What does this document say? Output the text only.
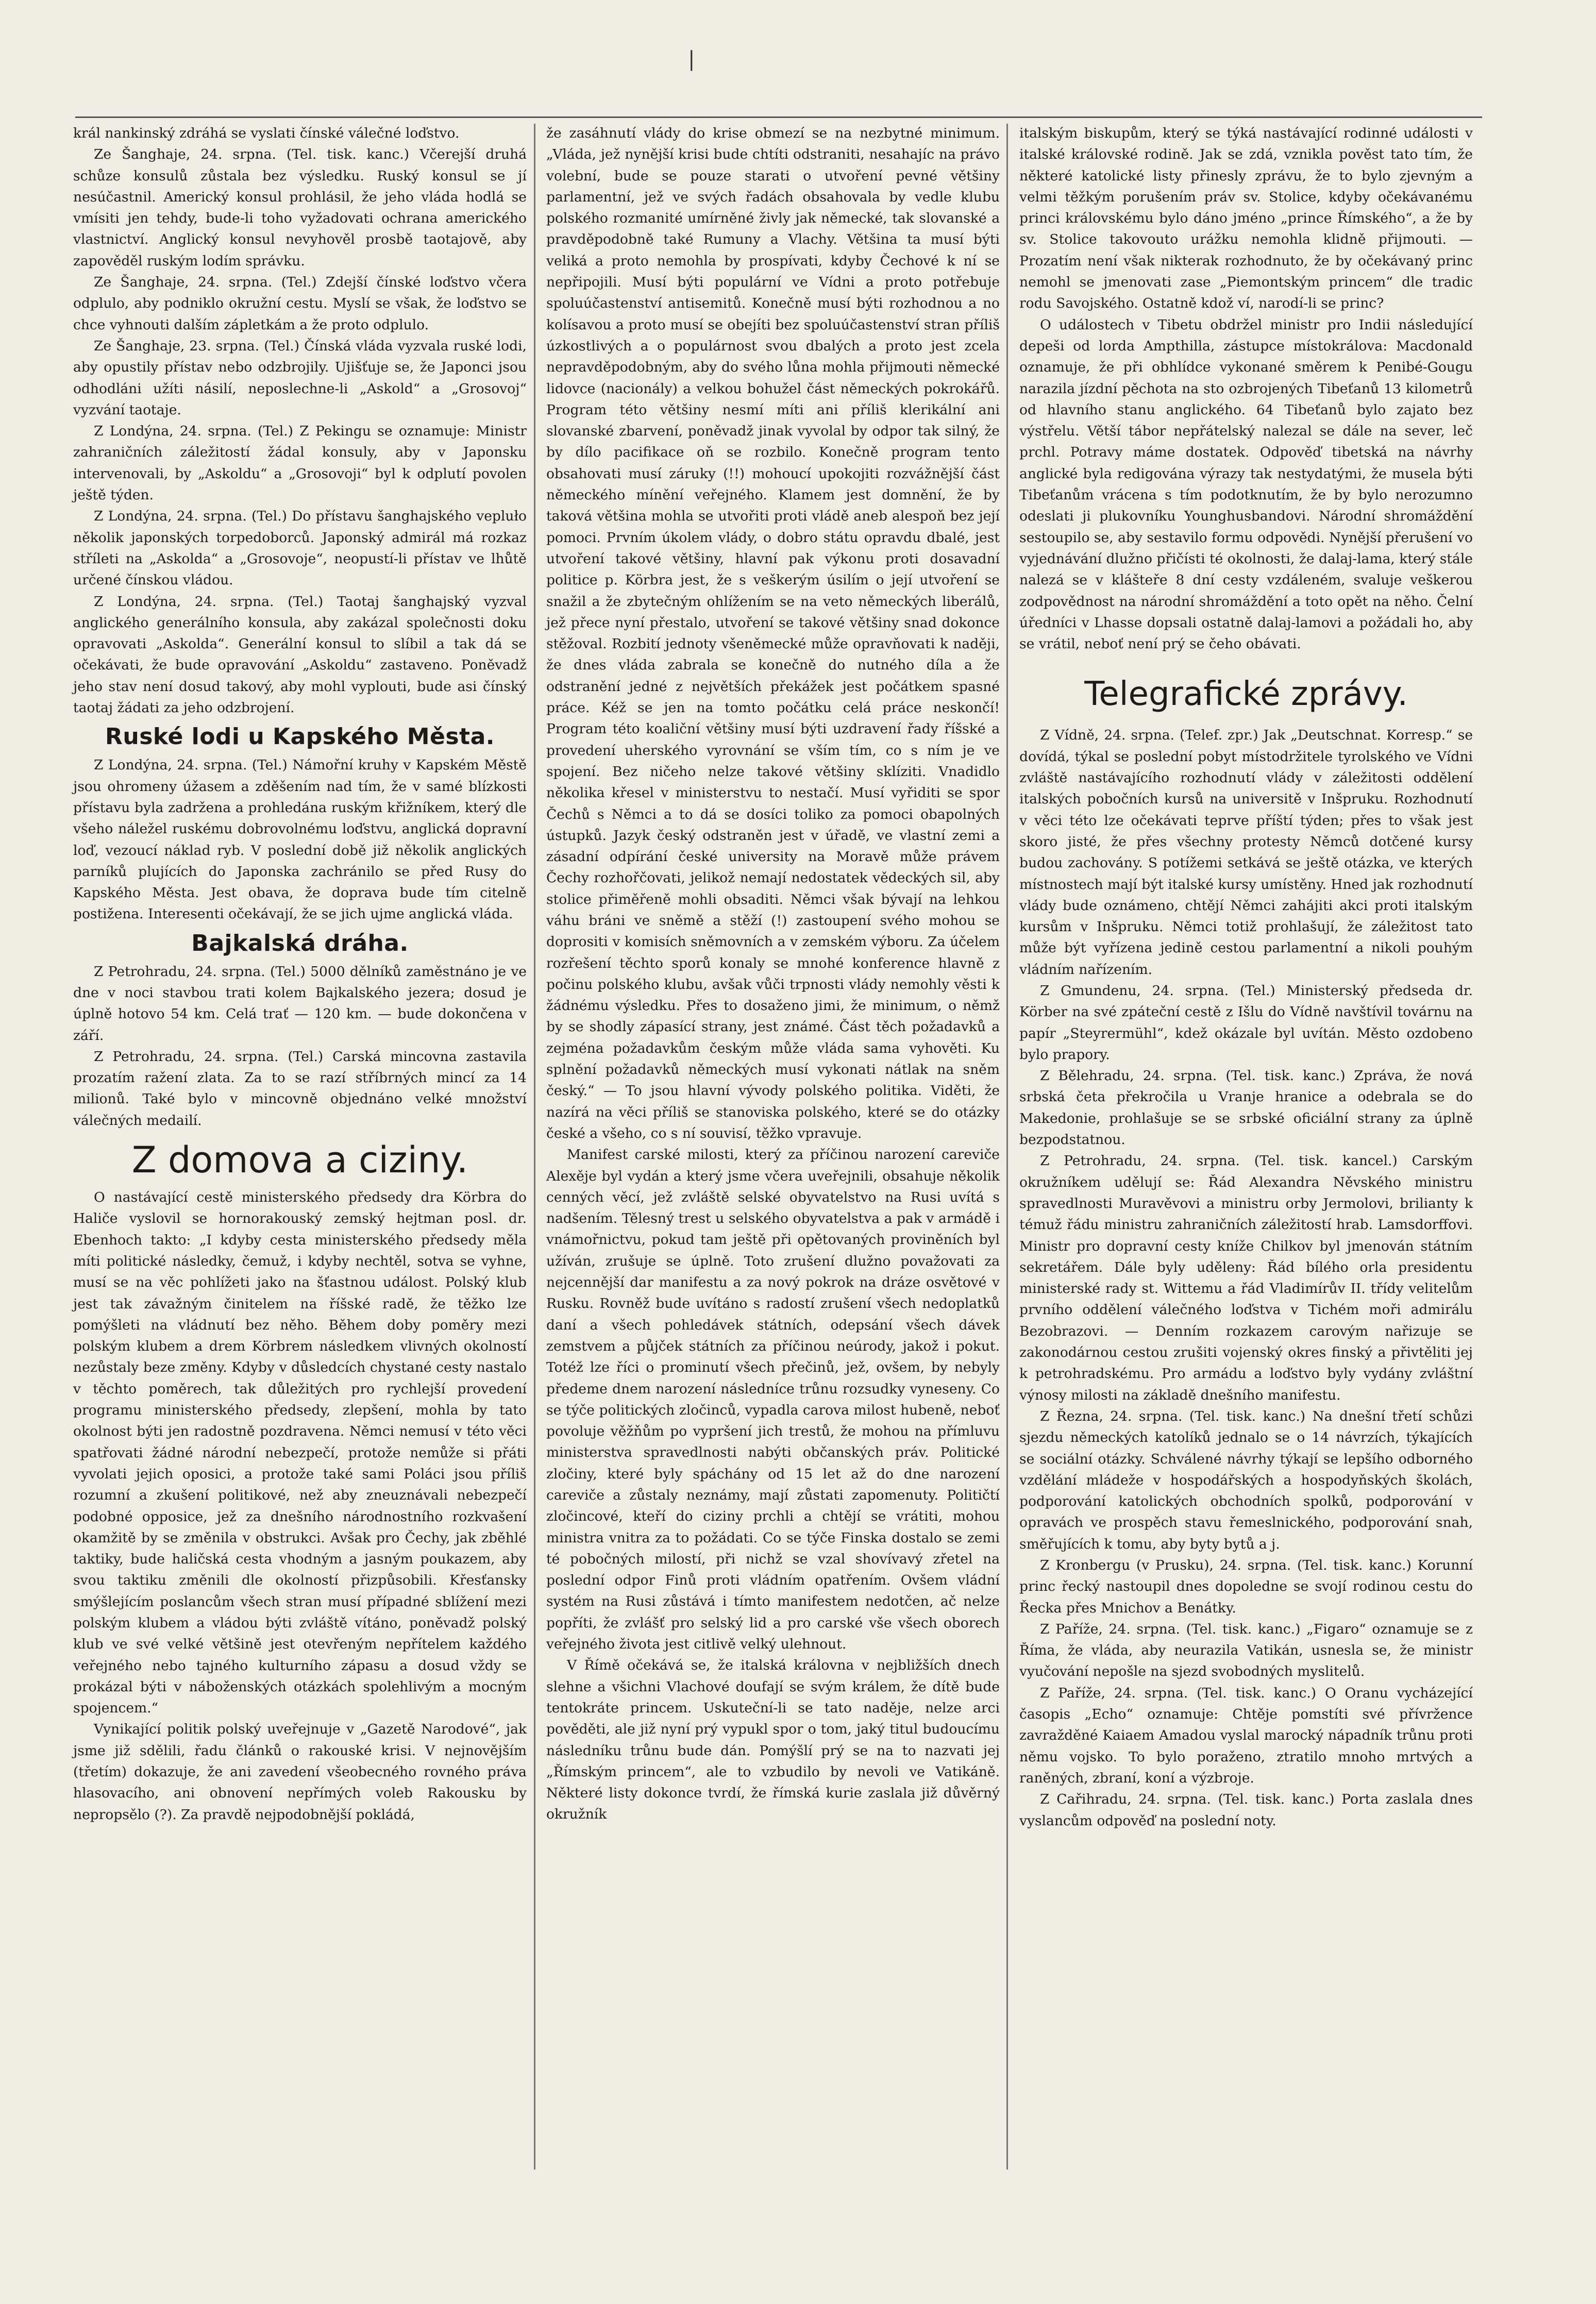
|

král nankinský zdráhá se vyslati čínské válečné loďstvo.

Ze Šanghaje, 24. srpna. (Tel. tisk. kanc.) Včerejší druhá schůze konsulů zůstala bez výsledku. Ruský konsul se jí nesúčastnil. Americký konsul prohlásil, že jeho vláda hodlá se vmísiti jen tehdy, bude-li toho vyžadovati ochrana amerického vlastnictví. Anglický konsul nevyhověl prosbě taotajově, aby zapověděl ruským lodím správku.

Ze Šanghaje, 24. srpna. (Tel.) Zdejší čínské loďstvo včera odplulo, aby podniklo okružní cestu. Myslí se však, že loďstvo se chce vyhnouti dalším zápletkám a že proto odplulo.

Ze Šanghaje, 23. srpna. (Tel.) Čínská vláda vyzvala ruské lodi, aby opustily přístav nebo odzbrojily. Ujišťuje se, že Japonci jsou odhodláni užíti násilí, neposlechne-li „Askold“ a „Grosovoj“ vyzvání taotaje.

Z Londýna, 24. srpna. (Tel.) Z Pekingu se oznamuje: Ministr zahraničních záležitostí žádal konsuly, aby v Japonsku intervenovali, by „Askoldu“ a „Grosovoji“ byl k odplutí povolen ještě týden.

Z Londýna, 24. srpna. (Tel.) Do přístavu šanghajského vepluło několik japonských torpedoborců. Japonský admirál má rozkaz stříleti na „Askolda“ a „Grosovoje“, neopustí-li přístav ve lhůtě určené čínskou vládou.

Z Londýna, 24. srpna. (Tel.) Taotaj šanghajský vyzval anglického generálního konsula, aby zakázal společnosti doku opravovati „Askolda“. Generální konsul to slíbil a tak dá se očekávati, že bude opravování „Askoldu“ zastaveno. Poněvadž jeho stav není dosud takový, aby mohl vyplouti, bude asi čínský taotaj žádati za jeho odzbrojení.

Ruské lodi u Kapského Města.

Z Londýna, 24. srpna. (Tel.) Námořní kruhy v Kapském Městě jsou ohromeny úžasem a zděšením nad tím, že v samé blízkosti přístavu byla zadržena a prohledána ruským křižníkem, který dle všeho náležel ruskému dobrovolnému loďstvu, anglická dopravní loď, vezoucí náklad ryb. V poslední době již několik anglických parníků plujících do Japonska zachránilo se před Rusy do Kapského Města. Jest obava, že doprava bude tím citelně postižena. Interesenti očekávají, že se jich ujme anglická vláda.

Bajkalská dráha.

Z Petrohradu, 24. srpna. (Tel.) 5000 dělníků zaměstnáno je ve dne v noci stavbou trati kolem Bajkalského jezera; dosud je úplně hotovo 54 km. Celá trať — 120 km. — bude dokončena v září.

Z Petrohradu, 24. srpna. (Tel.) Carská mincovna zastavila prozatím ražení zlata. Za to se razí stříbrných mincí za 14 milionů. Také bylo v mincovně objednáno velké množství válečných medailí.

Z domova a ciziny.

O nastávající cestě ministerského předsedy dra Körbra do Haliče vyslovil se hornorakouský zemský hejtman posl. dr. Ebenhoch takto: „I kdyby cesta ministerského předsedy měla míti politické následky, čemuž, i kdyby nechtěl, sotva se vyhne, musí se na věc pohlížeti jako na šťastnou událost. Polský klub jest tak závažným činitelem na říšské radě, že těžko lze pomýšleti na vládnutí bez něho. Během doby poměry mezi polským klubem a drem Körbrem následkem vlivných okolností nezůstaly beze změny. Kdyby v důsledcích chystané cesty nastalo v těchto poměrech, tak důležitých pro rychlejší provedení programu ministerského předsedy, zlepšení, mohla by tato okolnost býti jen radostně pozdravena. Němci nemusí v této věci spatřovati žádné národní nebezpečí, protože nemůže si přáti vyvolati jejich oposici, a protože také sami Poláci jsou příliš rozumní a zkušení politikové, než aby zneuznávali nebezpečí podobné opposice, jež za dnešního národnostního rozkvašení okamžitě by se změnila v obstrukci. Avšak pro Čechy, jak zběhlé taktiky, bude haličská cesta vhodným a jasným poukazem, aby svou taktiku změnili dle okolností přizpůsobili. Křesťansky smýšlejícím poslancům všech stran musí případné sblížení mezi polským klubem a vládou býti zvláště vítáno, poněvadž polský klub ve své velké většině jest otevřeným nepřítelem každého veřejného nebo tajného kulturního zápasu a dosud vždy se prokázal býti v náboženských otázkách spolehlivým a mocným spojencem.“

Vynikající politik polský uveřejnuje v „Gazetě Narodové“, jak jsme již sdělili, řadu článků o rakouské krisi. V nejnovějším (třetím) dokazuje, že ani zavedení všeobecného rovného práva hlasovacího, ani obnovení nepřímých voleb Rakousku by nepropsělo (?). Za pravdě nejpodobnější pokládá,

že zasáhnutí vlády do krise obmezí se na nezbytné minimum. „Vláda, jež nynější krisi bude chtíti odstraniti, nesahajíc na právo volební, bude se pouze starati o utvoření pevné většiny parlamentní, jež ve svých řadách obsahovala by vedle klubu polského rozmanité umírněné živly jak německé, tak slovanské a pravděpodobně také Rumuny a Vlachy. Většina ta musí býti veliká a proto nemohla by prospívati, kdyby Čechové k ní se nepřipojili. Musí býti populární ve Vídni a proto potřebuje spoluúčastenství antisemitů. Konečně musí býti rozhodnou a no kolísavou a proto musí se obejíti bez spoluúčastenství stran příliš úzkostlivých a o populárnost svou dbalých a proto jest zcela nepravděpodobným, aby do svého lůna mohla přijmouti německé lidovce (nacionály) a velkou bohužel část německých pokrokářů. Program této většiny nesmí míti ani příliš klerikální ani slovanské zbarvení, poněvadž jinak vyvolal by odpor tak silný, že by dílo pacifikace oň se rozbilo. Konečně program tento obsahovati musí záruky (!!) mohoucí upokojiti rozvážnější část německého mínění veřejného. Klamem jest domnění, že by taková většina mohla se utvořiti proti vládě aneb alespoň bez její pomoci. Prvním úkolem vlády, o dobro státu opravdu dbalé, jest utvoření takové většiny, hlavní pak výkonu proti dosavadní politice p. Körbra jest, že s veškerým úsilím o její utvoření se snažil a že zbytečným ohlížením se na veto německých liberálů, jež přece nyní přestalo, utvoření se takové většiny snad dokonce stěžoval. Rozbití jednoty všeněmecké může opravňovati k naději, že dnes vláda zabrala se konečně do nutného díla a že odstranění jedné z největších překážek jest počátkem spasné práce. Kéž se jen na tomto počátku celá práce neskončí! Program této koaliční většiny musí býti uzdravení řady říšské a provedení uherského vyrovnání se vším tím, co s ním je ve spojení. Bez ničeho nelze takové většiny sklíziti. Vnadidlo několika křesel v ministerstvu to nestačí. Musí vyřiditi se spor Čechů s Němci a to dá se dosíci toliko za pomoci obapolných ústupků. Jazyk český odstraněn jest v úřadě, ve vlastní zemi a zásadní odpírání české university na Moravě může právem Čechy rozhořčovati, jelikož nemají nedostatek vědeckých sil, aby stolice přiměřeně mohli obsaditi. Němci však bývají na lehkou váhu bráni ve sněmě a stěží (!) zastoupení svého mohou se doprositi v komisích sněmovních a v zemském výboru. Za účelem rozřešení těchto sporů konaly se mnohé konference hlavně z počinu polského klubu, avšak vůči trpnosti vlády nemohly věsti k žádnému výsledku. Přes to dosaženo jimi, že minimum, o němž by se shodly zápasící strany, jest známé. Část těch požadavků a zejména požadavkům českým může vláda sama vyhověti. Ku splnění požadavků německých musí vykonati nátlak na sněm český.“ — To jsou hlavní vývody polského politika. Viděti, že nazírá na věci příliš se stanoviska polského, které se do otázky české a všeho, co s ní souvisí, těžko vpravuje.

Manifest carské milosti, který za příčinou narození careviče Alexěje byl vydán a který jsme včera uveřejnili, obsahuje několik cenných věcí, jež zvláště selské obyvatelstvo na Rusi uvítá s nadšením. Tělesný trest u selského obyvatelstva a pak v armádě i vnámořnictvu, pokud tam ještě při opětovaných proviněních byl užíván, zrušuje se úplně. Toto zrušení dlužno považovati za nejcennější dar manifestu a za nový pokrok na dráze osvětové v Rusku. Rovněž bude uvítáno s radostí zrušení všech nedoplatků daní a všech pohledávek státních, odepsání všech dávek zemstvem a půjček státních za příčinou neúrody, jakož i pokut. Totéž lze říci o prominutí všech přečinů, jež, ovšem, by nebyly předeme dnem narození následníce trůnu rozsudky vyneseny. Co se týče politických zločinců, vypadla carova milost hubeně, neboť povoluje věžňům po vypršení jich trestů, že mohou na přímluvu ministerstva spravedlnosti nabýti občanských práv. Politické zločiny, které byly spáchány od 15 let až do dne narození careviče a zůstaly neznámy, mají zůstati zapomenuty. Političtí zločincové, kteří do ciziny prchli a chtějí se vrátiti, mohou ministra vnitra za to požádati. Co se týče Finska dostalo se zemi té pobočných milostí, při nichž se vzal shovívavý zřetel na poslední odpor Finů proti vládním opatřením. Ovšem vládní systém na Rusi zůstává i tímto manifestem nedotčen, ač nelze popříti, že zvlášť pro selský lid a pro carské vše všech oborech veřejného života jest citlivě velký ulehnout.

V Římě očekává se, že italská královna v nejbližších dnech slehne a všichni Vlachové doufají se svým králem, že dítě bude tentokráte princem. Uskuteční-li se tato naděje, nelze arci pověděti, ale již nyní prý vypukl spor o tom, jaký titul budoucímu následníku trůnu bude dán. Pomýšlí prý se na to nazvati jej „Římským princem“, ale to vzbudilo by nevoli ve Vatikáně. Některé listy dokonce tvrdí, že římská kurie zaslala již důvěrný okružník

italským biskupům, který se týká nastávající rodinné události v italské královské rodině. Jak se zdá, vznikla pověst tato tím, že některé katolické listy přinesly zprávu, že to bylo zjevným a velmi těžkým porušením práv sv. Stolice, kdyby očekávanému princi královskému bylo dáno jméno „prince Římského“, a že by sv. Stolice takovouto urážku nemohla klidně přijmouti. — Prozatím není však nikterak rozhodnuto, že by očekávaný princ nemohl se jmenovati zase „Piemontským princem“ dle tradic rodu Savojského. Ostatně kdož ví, narodí-li se princ?

O událostech v Tibetu obdržel ministr pro Indii následující depeši od lorda Ampthilla, zástupce místokrálova: Macdonald oznamuje, že při obhlídce vykonané směrem k Penibé-Gougu narazila jízdní pěchota na sto ozbrojených Tibeťanů 13 kilometrů od hlavního stanu anglického. 64 Tibeťanů bylo zajato bez výstřelu. Větší tábor nepřátelský nalezal se dále na sever, leč prchl. Potravy máme dostatek. Odpověď tibetská na návrhy anglické byla redigována výrazy tak nestydatými, že musela býti Tibeťanům vrácena s tím podotknutím, že by bylo nerozumno odeslati ji plukovníku Younghusbandovi. Národní shromáždění sestoupilo se, aby sestavilo formu odpovědi. Nynější přerušení vo vyjednávání dlužno přičísti té okolnosti, že dalaj-lama, který stále nalezá se v klášteře 8 dní cesty vzdáleném, svaluje veškerou zodpovědnost na národní shromáždění a toto opět na něho. Čelní úředníci v Lhasse dopsali ostatně dalaj-lamovi a požádali ho, aby se vrátil, neboť není prý se čeho obávati.

Telegrafické zprávy.

Z Vídně, 24. srpna. (Telef. zpr.) Jak „Deutschnat. Korresp.“ se dovídá, týkal se poslední pobyt místodržitele tyrolského ve Vídni zvláště nastávajícího rozhodnutí vlády v záležitosti oddělení italských pobočních kursů na universitě v Inšpruku. Rozhodnutí v věci této lze očekávati teprve příští týden; přes to však jest skoro jisté, že přes všechny protesty Němců dotčené kursy budou zachovány. S potížemi setkává se ještě otázka, ve kterých místnostech mají být italské kursy umístěny. Hned jak rozhodnutí vlády bude oznámeno, chtějí Němci zahájiti akci proti italským kursům v Inšpruku. Němci totiž prohlašují, že záležitost tato může být vyřízena jedině cestou parlamentní a nikoli pouhým vládním nařízením.

Z Gmundenu, 24. srpna. (Tel.) Ministerský předseda dr. Körber na své zpáteční cestě z Išlu do Vídně navštívil továrnu na papír „Steyrermühl“, kdež okázale byl uvítán. Město ozdobeno bylo prapory.

Z Bělehradu, 24. srpna. (Tel. tisk. kanc.) Zpráva, že nová srbská četa překročila u Vranje hranice a odebrala se do Makedonie, prohlašuje se se srbské oficiální strany za úplně bezpodstatnou.

Z Petrohradu, 24. srpna. (Tel. tisk. kancel.) Carským okružníkem udělují se: Řád Alexandra Něvského ministru spravedlnosti Muravěvovi a ministru orby Jermolovi, brilianty k témuž řádu ministru zahraničních záležitostí hrab. Lamsdorffovi. Ministr pro dopravní cesty kníže Chilkov byl jmenován státním sekretářem. Dále byly uděleny: Řád bílého orla presidentu ministerské rady st. Wittemu a řád Vladimírův II. třídy velitelům prvního oddělení válečného loďstva v Tichém moři admirálu Bezobrazovi. — Denním rozkazem carovým nařizuje se zakonodárnou cestou zrušiti vojenský okres finský a přivtěliti jej k petrohradskému. Pro armádu a loďstvo byly vydány zvláštní výnosy milosti na základě dnešního manifestu.

Z Řezna, 24. srpna. (Tel. tisk. kanc.) Na dnešní třetí schůzi sjezdu německých katolíků jednalo se o 14 návrzích, týkajících se sociální otázky. Schválené návrhy týkají se lepšího odborného vzdělání mládeže v hospodářských a hospodyňských školách, podporování katolických obchodních spolků, podporování v opravách ve prospěch stavu řemeslnického, podporování snah, směřujících k tomu, aby byty bytů a j.

Z Kronbergu (v Prusku), 24. srpna. (Tel. tisk. kanc.) Korunní princ řecký nastoupil dnes dopoledne se svojí rodinou cestu do Řecka přes Mnichov a Benátky.

Z Paříže, 24. srpna. (Tel. tisk. kanc.) „Figaro“ oznamuje se z Říma, že vláda, aby neurazila Vatikán, usnesla se, že ministr vyučování nepošle na sjezd svobodných myslitelů.

Z Paříže, 24. srpna. (Tel. tisk. kanc.) O Oranu vycházející časopis „Echo“ oznamuje: Chtěje pomstíti své přívržence zavražděné Kaiaem Amadou vyslal marocký nápadník trůnu proti němu vojsko. To bylo poraženo, ztratilo mnoho mrtvých a raněných, zbraní, koní a výzbroje.

Z Cařihradu, 24. srpna. (Tel. tisk. kanc.) Porta zaslala dnes vyslancům odpověď na poslední noty.
